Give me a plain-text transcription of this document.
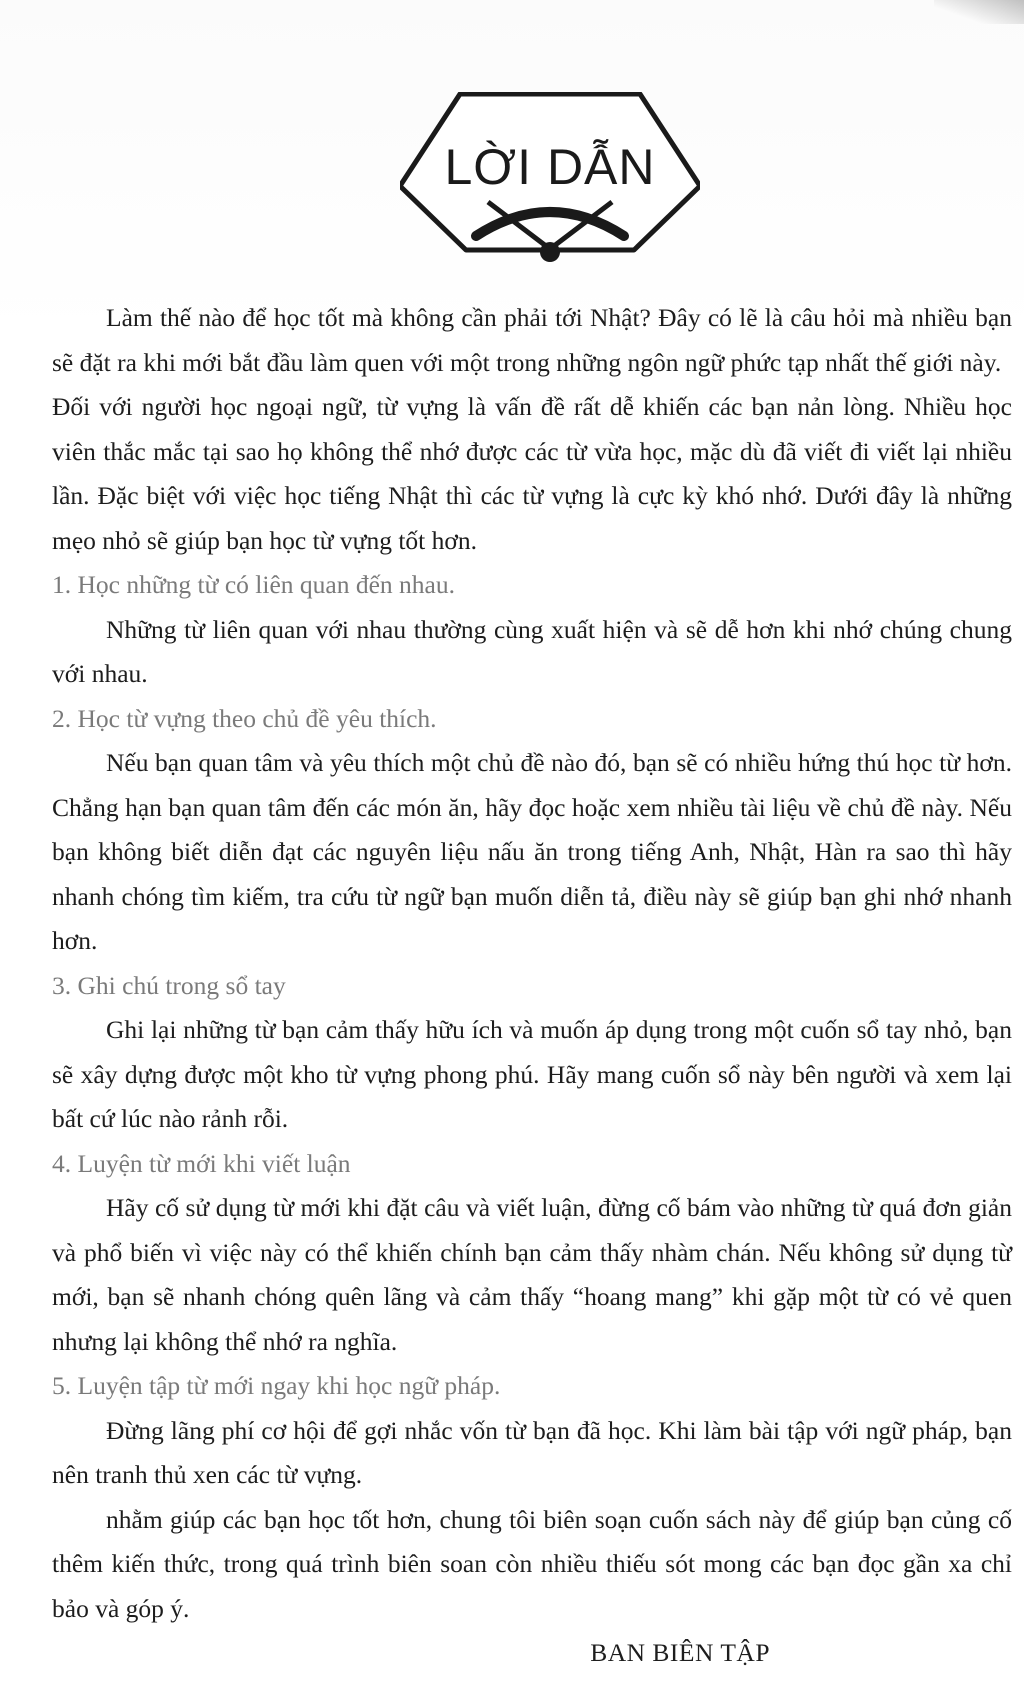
LỜI DẪN

Làm thế nào để học tốt mà không cần phải tới Nhật? Đây có lẽ là câu hỏi mà nhiều bạn sẽ đặt ra khi mới bắt đầu làm quen với một trong những ngôn ngữ phức tạp nhất thế giới này.

Đối với người học ngoại ngữ, từ vựng là vấn đề rất dễ khiến các bạn nản lòng. Nhiều học viên thắc mắc tại sao họ không thể nhớ được các từ vừa học, mặc dù đã viết đi viết lại nhiều lần. Đặc biệt với việc học tiếng Nhật thì các từ vựng là cực kỳ khó nhớ. Dưới đây là những mẹo nhỏ sẽ giúp bạn học từ vựng tốt hơn.

1. Học những từ có liên quan đến nhau.

Những từ liên quan với nhau thường cùng xuất hiện và sẽ dễ hơn khi nhớ chúng chung với nhau.

2. Học từ vựng theo chủ đề yêu thích.

Nếu bạn quan tâm và yêu thích một chủ đề nào đó, bạn sẽ có nhiều hứng thú học từ hơn. Chẳng hạn bạn quan tâm đến các món ăn, hãy đọc hoặc xem nhiều tài liệu về chủ đề này. Nếu bạn không biết diễn đạt các nguyên liệu nấu ăn trong tiếng Anh, Nhật, Hàn ra sao thì hãy nhanh chóng tìm kiếm, tra cứu từ ngữ bạn muốn diễn tả, điều này sẽ giúp bạn ghi nhớ nhanh hơn.

3. Ghi chú trong sổ tay

Ghi lại những từ bạn cảm thấy hữu ích và muốn áp dụng trong một cuốn sổ tay nhỏ, bạn sẽ xây dựng được một kho từ vựng phong phú. Hãy mang cuốn sổ này bên người và xem lại bất cứ lúc nào rảnh rỗi.

4. Luyện từ mới khi viết luận

Hãy cố sử dụng từ mới khi đặt câu và viết luận, đừng cố bám vào những từ quá đơn giản và phổ biến vì việc này có thể khiến chính bạn cảm thấy nhàm chán. Nếu không sử dụng từ mới, bạn sẽ nhanh chóng quên lãng và cảm thấy “hoang mang” khi gặp một từ có vẻ quen nhưng lại không thể nhớ ra nghĩa.

5. Luyện tập từ mới ngay khi học ngữ pháp.

Đừng lãng phí cơ hội để gợi nhắc vốn từ bạn đã học. Khi làm bài tập với ngữ pháp, bạn nên tranh thủ xen các từ vựng.

nhằm giúp các bạn học tốt hơn, chung tôi biên soạn cuốn sách này để giúp bạn củng cố thêm kiến thức, trong quá trình biên soan còn nhiều thiếu sót mong các bạn đọc gần xa chỉ bảo và góp ý.

BAN BIÊN TẬP
